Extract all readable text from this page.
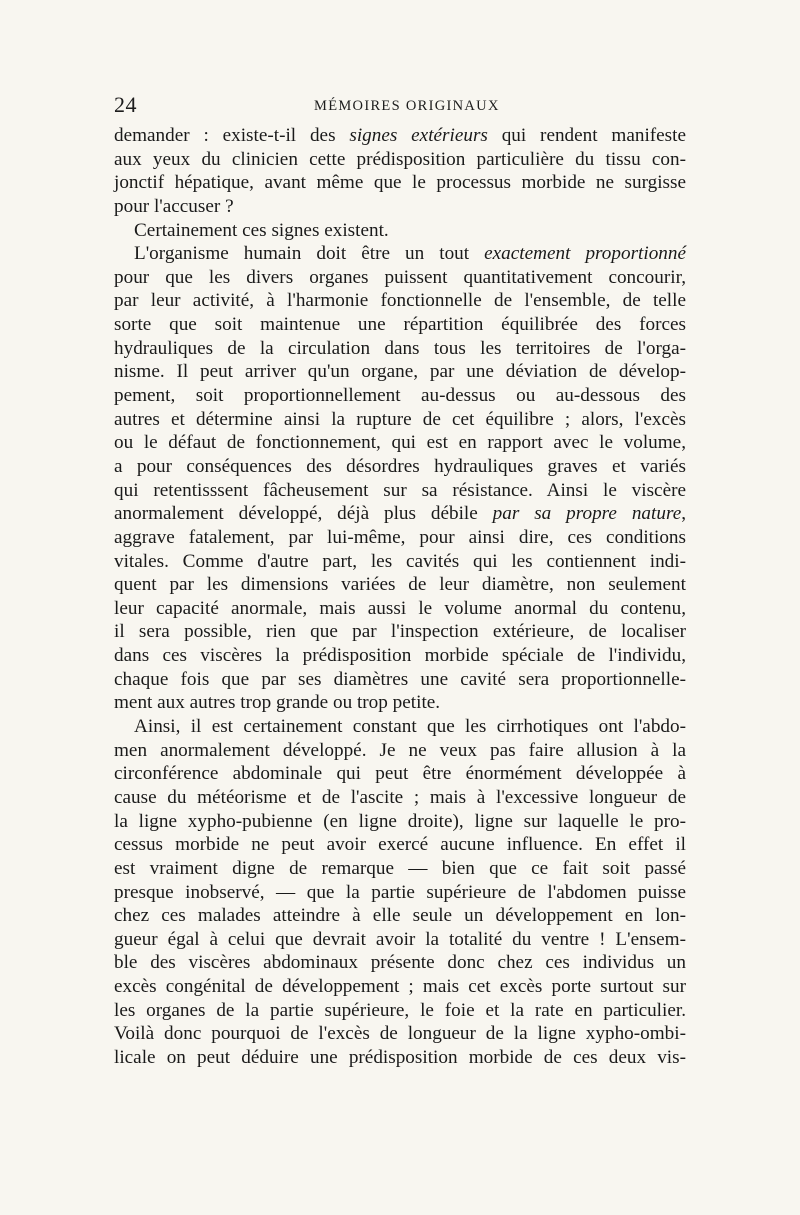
24	MÉMOIRES ORIGINAUX
demander : existe-t-il des signes extérieurs qui rendent manifeste
aux yeux du clinicien cette prédisposition particulière du tissu con-
jonctif hépatique, avant même que le processus morbide ne surgisse
pour l'accuser ?
Certainement ces signes existent.
L'organisme humain doit être un tout exactement proportionné
pour que les divers organes puissent quantitativement concourir,
par leur activité, à l'harmonie fonctionnelle de l'ensemble, de telle
sorte que soit maintenue une répartition équilibrée des forces
hydrauliques de la circulation dans tous les territoires de l'orga-
nisme. Il peut arriver qu'un organe, par une déviation de dévelop-
pement, soit proportionnellement au-dessus ou au-dessous des
autres et détermine ainsi la rupture de cet équilibre ; alors, l'excès
ou le défaut de fonctionnement, qui est en rapport avec le volume,
a pour conséquences des désordres hydrauliques graves et variés
qui retentisssent fâcheusement sur sa résistance. Ainsi le viscère
anormalement développé, déjà plus débile par sa propre nature,
aggrave fatalement, par lui-même, pour ainsi dire, ces conditions
vitales. Comme d'autre part, les cavités qui les contiennent indi-
quent par les dimensions variées de leur diamètre, non seulement
leur capacité anormale, mais aussi le volume anormal du contenu,
il sera possible, rien que par l'inspection extérieure, de localiser
dans ces viscères la prédisposition morbide spéciale de l'individu,
chaque fois que par ses diamètres une cavité sera proportionnelle-
ment aux autres trop grande ou trop petite.
Ainsi, il est certainement constant que les cirrhotiques ont l'abdo-
men anormalement développé. Je ne veux pas faire allusion à la
circonférence abdominale qui peut être énormément développée à
cause du météorisme et de l'ascite ; mais à l'excessive longueur de
la ligne xypho-pubienne (en ligne droite), ligne sur laquelle le pro-
cessus morbide ne peut avoir exercé aucune influence. En effet il
est vraiment digne de remarque — bien que ce fait soit passé
presque inobservé, — que la partie supérieure de l'abdomen puisse
chez ces malades atteindre à elle seule un développement en lon-
gueur égal à celui que devrait avoir la totalité du ventre ! L'ensem-
ble des viscères abdominaux présente donc chez ces individus un
excès congénital de développement ; mais cet excès porte surtout sur
les organes de la partie supérieure, le foie et la rate en particulier.
Voilà donc pourquoi de l'excès de longueur de la ligne xypho-ombi-
licale on peut déduire une prédisposition morbide de ces deux vis-
